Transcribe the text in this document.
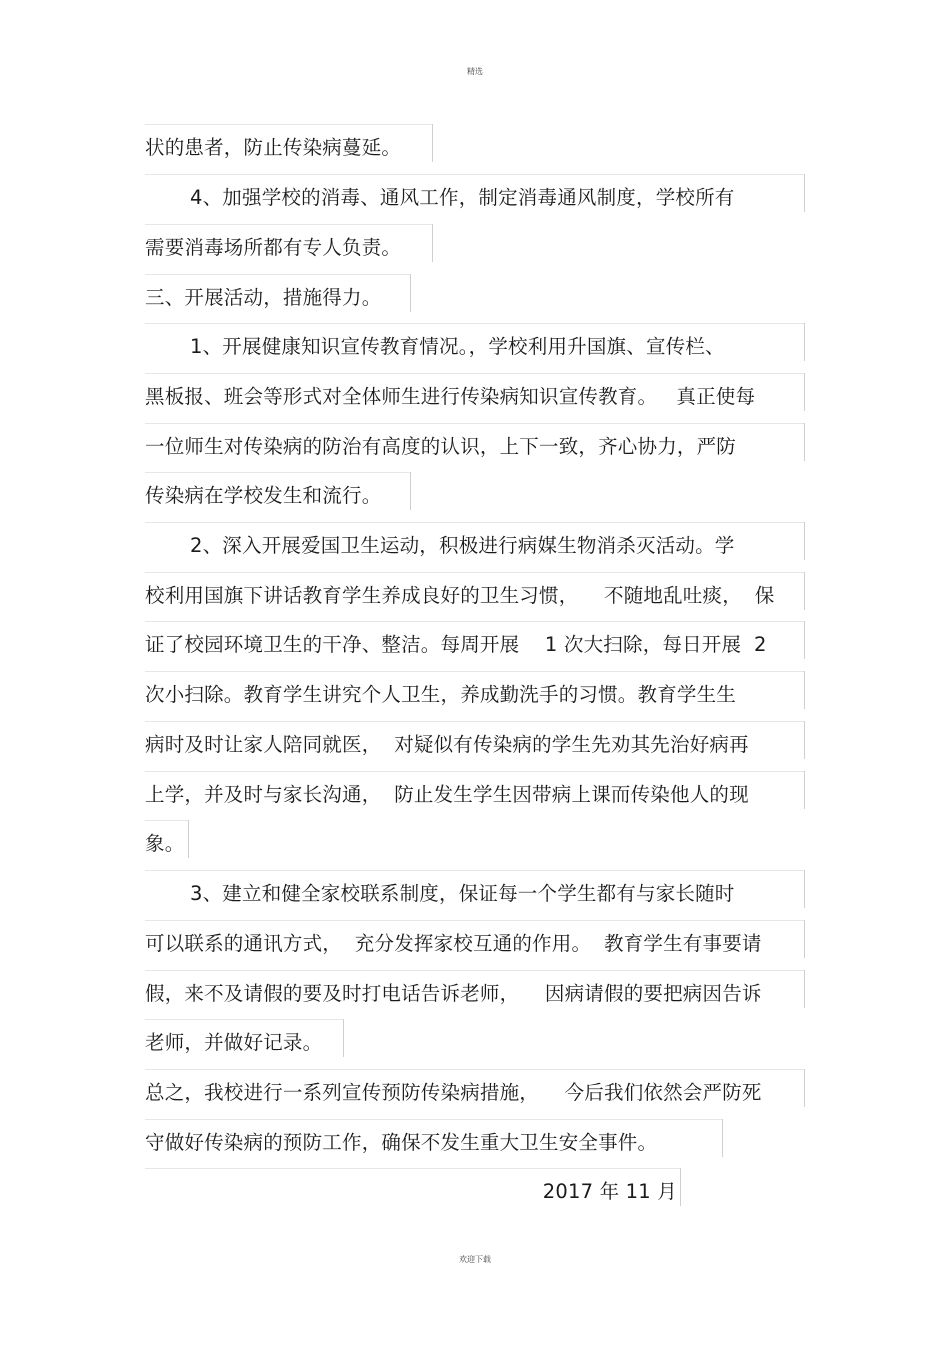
精选
状的患者，防止传染病蔓延。
4、加强学校的消毒、通风工作，制定消毒通风制度，学校所有
需要消毒场所都有专人负责。
三、开展活动，措施得力。
1、开展健康知识宣传教育情况。，学校利用升国旗、宣传栏、
黑板报、班会等形式对全体师生进行传染病知识宣传教育。   真正使每
一位师生对传染病的防治有高度的认识，上下一致，齐心协力，严防
传染病在学校发生和流行。
2、深入开展爱国卫生运动，积极进行病媒生物消杀灭活动。学
校利用国旗下讲话教育学生养成良好的卫生习惯，    不随地乱吐痰，  保
证了校园环境卫生的干净、整洁。每周开展    1 次大扫除，每日开展  2
次小扫除。教育学生讲究个人卫生，养成勤洗手的习惯。教育学生生
病时及时让家人陪同就医，  对疑似有传染病的学生先劝其先治好病再
上学，并及时与家长沟通，  防止发生学生因带病上课而传染他人的现
象。
3、建立和健全家校联系制度，保证每一个学生都有与家长随时
可以联系的通讯方式，  充分发挥家校互通的作用。  教育学生有事要请
假，来不及请假的要及时打电话告诉老师，    因病请假的要把病因告诉
老师，并做好记录。
总之，我校进行一系列宣传预防传染病措施，    今后我们依然会严防死
守做好传染病的预防工作，确保不发生重大卫生安全事件。
2017 年 11 月
欢迎下载
